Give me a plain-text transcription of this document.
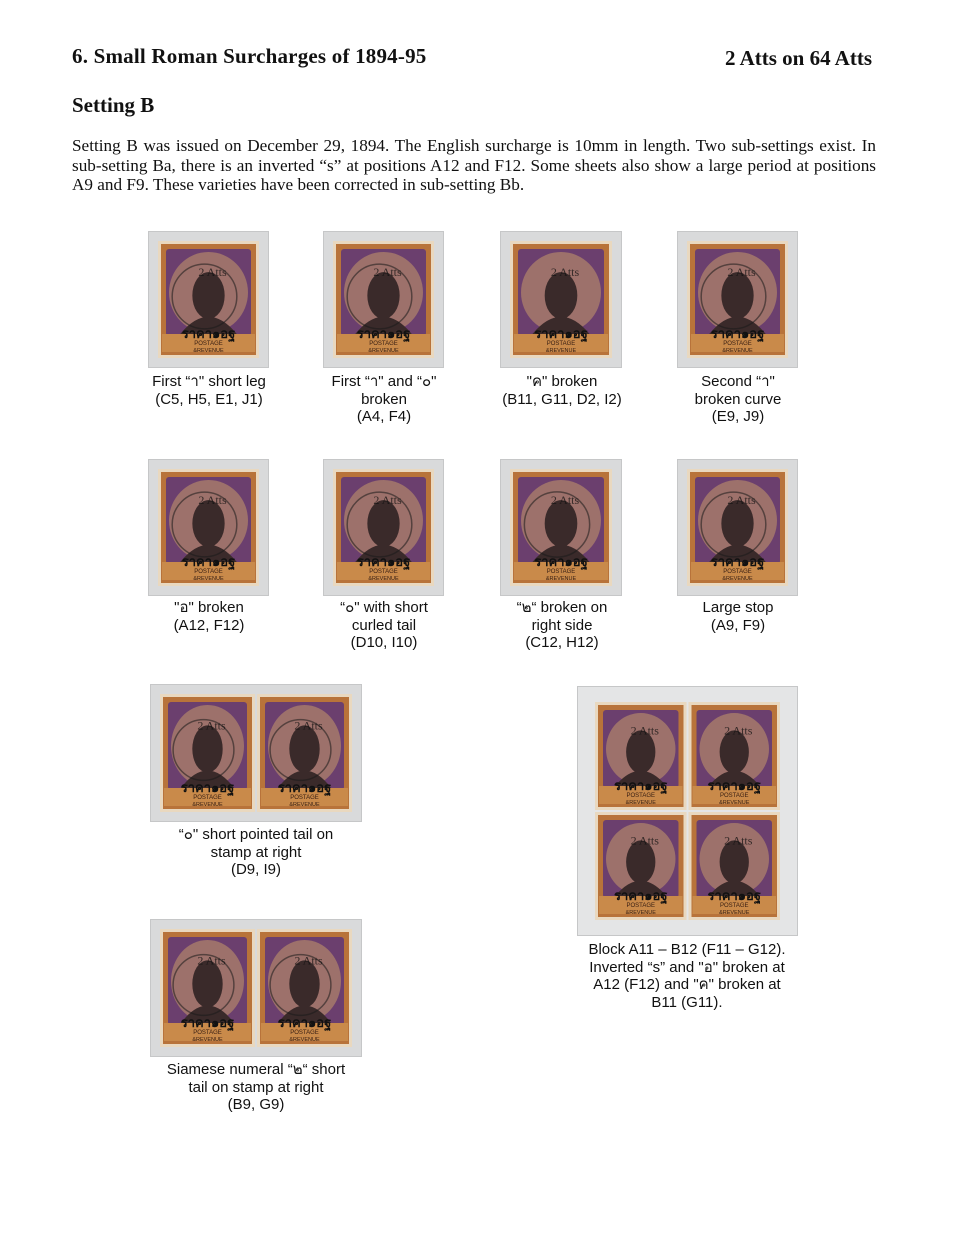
6. Small Roman Surcharges of 1894-95	2 Atts on 64 Atts
Setting B
Setting B was issued on December 29, 1894. The English surcharge is 10mm in length. Two sub-settings exist. In sub-setting Ba, there is an inverted “s” at positions A12 and F12. Some sheets also show a large period at positions A9 and F9. These varieties have been corrected in sub-setting Bb.
POSTAGE
&REVENUE
2 Atts
ราคา๑อฐ
POSTAGE
&REVENUE
2 Atts
ราคา๑อฐ
POSTAGE
&REVENUE
2 Atts
ราคา๑อฐ
POSTAGE
&REVENUE
2 Atts
ราคา๑อฐ
First “า" short leg
(C5, H5, E1, J1)
First “า" and “๐"
broken
(A4, F4)
"ค" broken
(B11, G11, D2, I2)
Second “า"
broken curve
(E9, J9)
POSTAGE
&REVENUE
2 Atts
ราคา๑อฐ
POSTAGE
&REVENUE
2 Atts
ราคา๑อฐ
POSTAGE
&REVENUE
2 Atts
ราคา๑อฐ
POSTAGE
&REVENUE
2 Atts
ราคา๑อฐ
"อ" broken
(A12, F12)
“๐" with short
curled tail
(D10, I10)
“๒“ broken on
right side
(C12, H12)
Large stop
(A9, F9)
POSTAGE
&REVENUE
2 Atts
ราคา๑อฐ
POSTAGE
&REVENUE
2 Atts
ราคา๑อฐ
“๐" short pointed tail on
stamp at right
(D9, I9)
POSTAGE
&REVENUE
2 Atts
ราคา๑อฐ
POSTAGE
&REVENUE
2 Atts
ราคา๑อฐ
POSTAGE
&REVENUE
2 Atts
ราคา๑อฐ
POSTAGE
&REVENUE
2 Atts
ราคา๑อฐ
Block A11 – B12 (F11 – G12).
Inverted “s” and "อ" broken at
A12 (F12) and "ค" broken at
B11 (G11).
POSTAGE
&REVENUE
2 Atts
ราคา๑อฐ
POSTAGE
&REVENUE
2 Atts
ราคา๑อฐ
Siamese numeral “๒“ short
tail on stamp at right
(B9, G9)
